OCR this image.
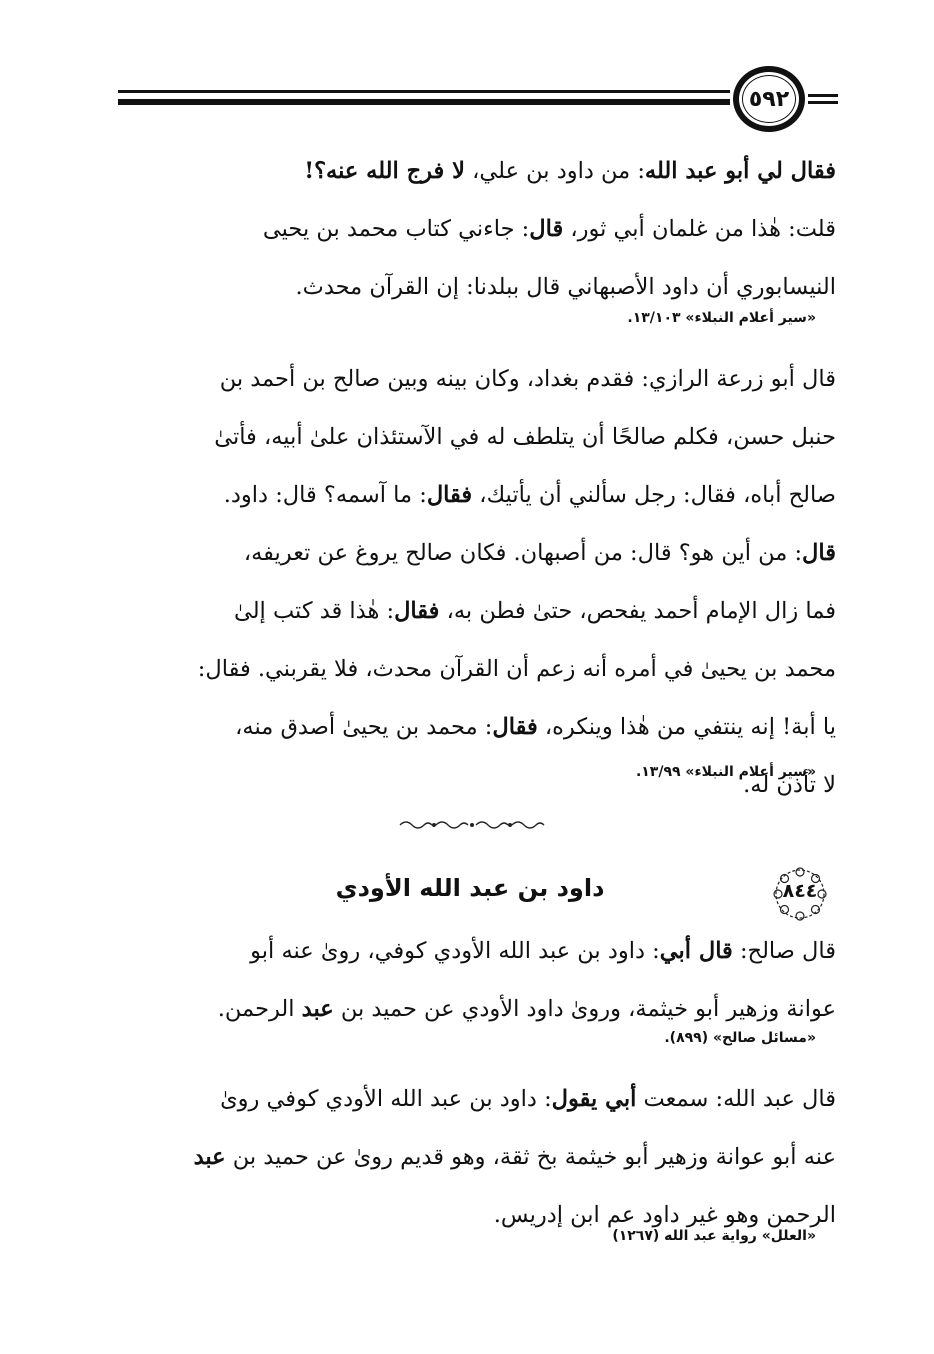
٥٩٢
فقال لي أبو عبد الله: من داود بن علي، لا فرج الله عنه؟!
قلت: هٰذا من غلمان أبي ثور، قال: جاءني كتاب محمد بن يحيى
النيسابوري أن داود الأصبهاني قال ببلدنا: إن القرآن محدث.
«سير أعلام النبلاء» ١٣/١٠٣.
قال أبو زرعة الرازي: فقدم بغداد، وكان بينه وبين صالح بن أحمد بن
حنبل حسن، فكلم صالحًا أن يتلطف له في الآستئذان علىٰ أبيه، فأتىٰ
صالح أباه، فقال: رجل سألني أن يأتيك، فقال: ما آسمه؟ قال: داود.
قال: من أين هو؟ قال: من أصبهان. فكان صالح يروغ عن تعريفه،
فما زال الإمام أحمد يفحص، حتىٰ فطن به، فقال: هٰذا قد كتب إلىٰ
محمد بن يحيىٰ في أمره أنه زعم أن القرآن محدث، فلا يقربني. فقال:
يا أبة! إنه ينتفي من هٰذا وينكره، فقال: محمد بن يحيىٰ أصدق منه،
لا تأذن له.
«سير أعلام النبلاء» ١٣/٩٩.
٨٤٤
داود بن عبد الله الأودي
قال صالح: قال أبي: داود بن عبد الله الأودي كوفي، روىٰ عنه أبو
عوانة وزهير أبو خيثمة، وروىٰ داود الأودي عن حميد بن عبد الرحمن.
«مسائل صالح» (٨٩٩).
قال عبد الله: سمعت أبي يقول: داود بن عبد الله الأودي كوفي روىٰ
عنه أبو عوانة وزهير أبو خيثمة بخ ثقة، وهو قديم روىٰ عن حميد بن عبد
الرحمن وهو غير داود عم ابن إدريس.
«العلل» رواية عبد الله (١٢٦٧)
